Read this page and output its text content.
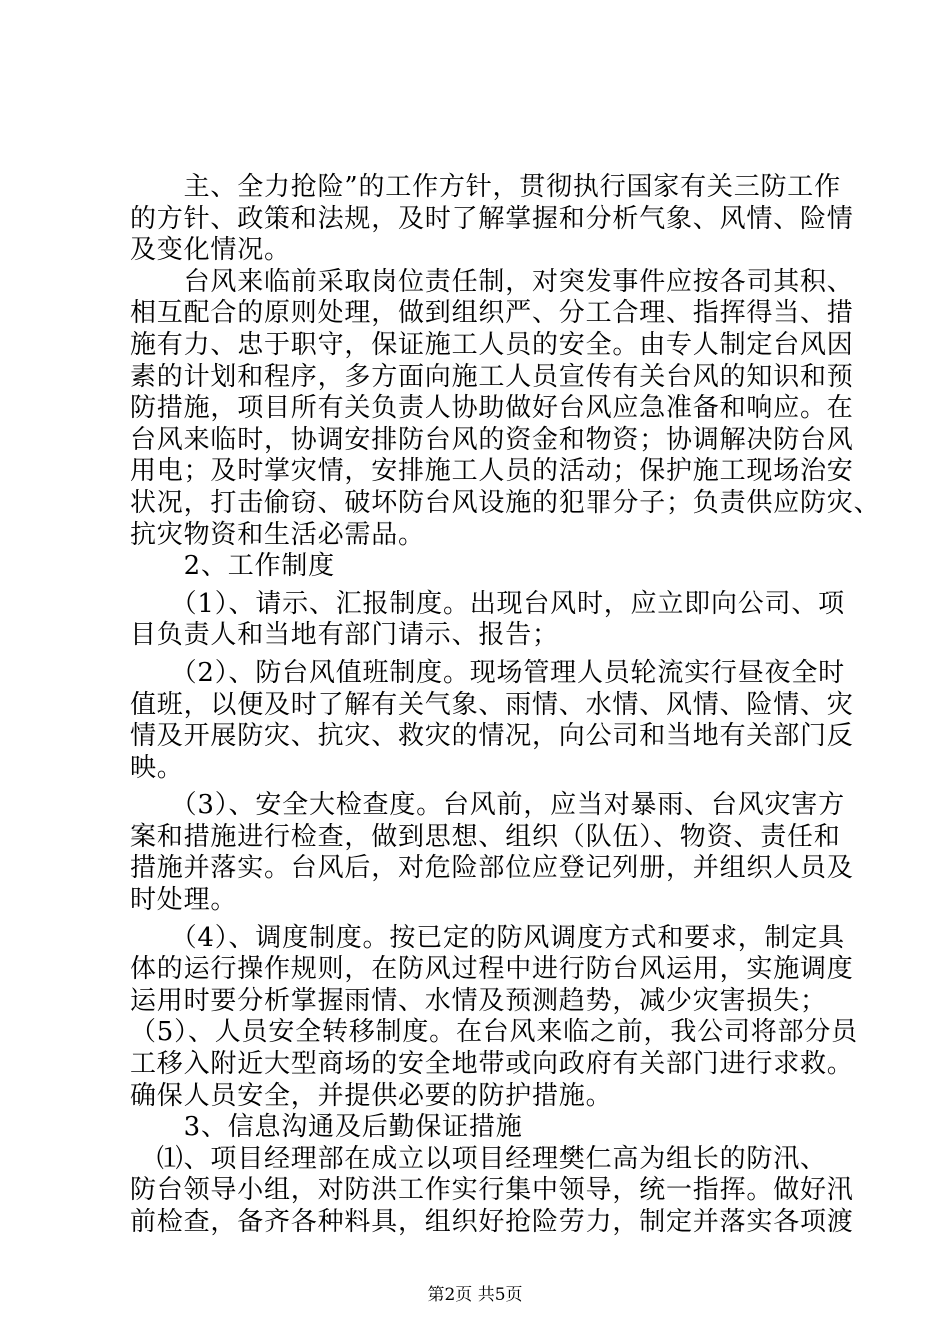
　　主、全力抢险”的工作方针，贯彻执行国家有关三防工作
的方针、政策和法规，及时了解掌握和分析气象、风情、险情
及变化情况。
　　台风来临前采取岗位责任制，对突发事件应按各司其积、
相互配合的原则处理，做到组织严、分工合理、指挥得当、措
施有力、忠于职守，保证施工人员的安全。由专人制定台风因
素的计划和程序，多方面向施工人员宣传有关台风的知识和预
防措施，项目所有关负责人协助做好台风应急准备和响应。在
台风来临时，协调安排防台风的资金和物资；协调解决防台风
用电；及时掌灾情，安排施工人员的活动；保护施工现场治安
状况，打击偷窃、破坏防台风设施的犯罪分子；负责供应防灾、
抗灾物资和生活必需品。
　　2、工作制度
　　（1）、请示、汇报制度。出现台风时，应立即向公司、项
目负责人和当地有部门请示、报告；
　　（2）、防台风值班制度。现场管理人员轮流实行昼夜全时
值班，以便及时了解有关气象、雨情、水情、风情、险情、灾
情及开展防灾、抗灾、救灾的情况，向公司和当地有关部门反
映。
　　（3）、安全大检查度。台风前，应当对暴雨、台风灾害方
案和措施进行检查，做到思想、组织（队伍）、物资、责任和
措施并落实。台风后，对危险部位应登记列册，并组织人员及
时处理。
　　（4）、调度制度。按已定的防风调度方式和要求，制定具
体的运行操作规则，在防风过程中进行防台风运用，实施调度
运用时要分析掌握雨情、水情及预测趋势，减少灾害损失；
（5）、人员安全转移制度。在台风来临之前，我公司将部分员
工移入附近大型商场的安全地带或向政府有关部门进行求救。
确保人员安全，并提供必要的防护措施。
　　3、信息沟通及后勤保证措施
　⑴、项目经理部在成立以项目经理樊仁高为组长的防汛、
防台领导小组，对防洪工作实行集中领导，统一指挥。做好汛
前检查，备齐各种料具，组织好抢险劳力，制定并落实各项渡
第2页 共5页
